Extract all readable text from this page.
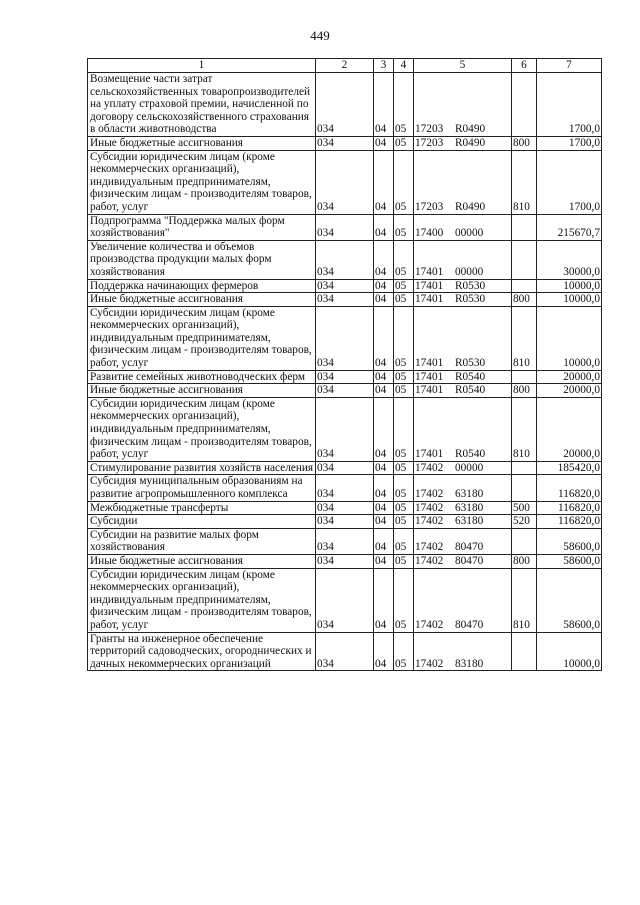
449
1	2	3	4	5	6	7
Возмещение части затрат сельскохозяйственных товаропроизводителей на уплату страховой премии, начисленной по договору сельскохозяйственного страхования в области животноводства	034	04	05	17203 R0490		1700,0
Иные бюджетные ассигнования	034	04	05	17203 R0490	800	1700,0
Субсидии юридическим лицам (кроме некоммерческих организаций), индивидуальным предпринимателям, физическим лицам - производителям товаров, работ, услуг	034	04	05	17203 R0490	810	1700,0
Подпрограмма "Поддержка малых форм хозяйствования"	034	04	05	17400 00000		215670,7
Увеличение количества и объемов производства продукции малых форм хозяйствования	034	04	05	17401 00000		30000,0
Поддержка начинающих фермеров	034	04	05	17401 R0530		10000,0
Иные бюджетные ассигнования	034	04	05	17401 R0530	800	10000,0
Субсидии юридическим лицам (кроме некоммерческих организаций), индивидуальным предпринимателям, физическим лицам - производителям товаров, работ, услуг	034	04	05	17401 R0530	810	10000,0
Развитие семейных животноводческих ферм	034	04	05	17401 R0540		20000,0
Иные бюджетные ассигнования	034	04	05	17401 R0540	800	20000,0
Субсидии юридическим лицам (кроме некоммерческих организаций), индивидуальным предпринимателям, физическим лицам - производителям товаров, работ, услуг	034	04	05	17401 R0540	810	20000,0
Стимулирование развития хозяйств населения	034	04	05	17402 00000		185420,0
Субсидия муниципальным образованиям на развитие агропромышленного комплекса	034	04	05	17402 63180		116820,0
Межбюджетные трансферты	034	04	05	17402 63180	500	116820,0
Субсидии	034	04	05	17402 63180	520	116820,0
Субсидии на развитие малых форм хозяйствования	034	04	05	17402 80470		58600,0
Иные бюджетные ассигнования	034	04	05	17402 80470	800	58600,0
Субсидии юридическим лицам (кроме некоммерческих организаций), индивидуальным предпринимателям, физическим лицам - производителям товаров, работ, услуг	034	04	05	17402 80470	810	58600,0
Гранты на инженерное обеспечение территорий садоводческих, огороднических и дачных некоммерческих организаций	034	04	05	17402 83180		10000,0
